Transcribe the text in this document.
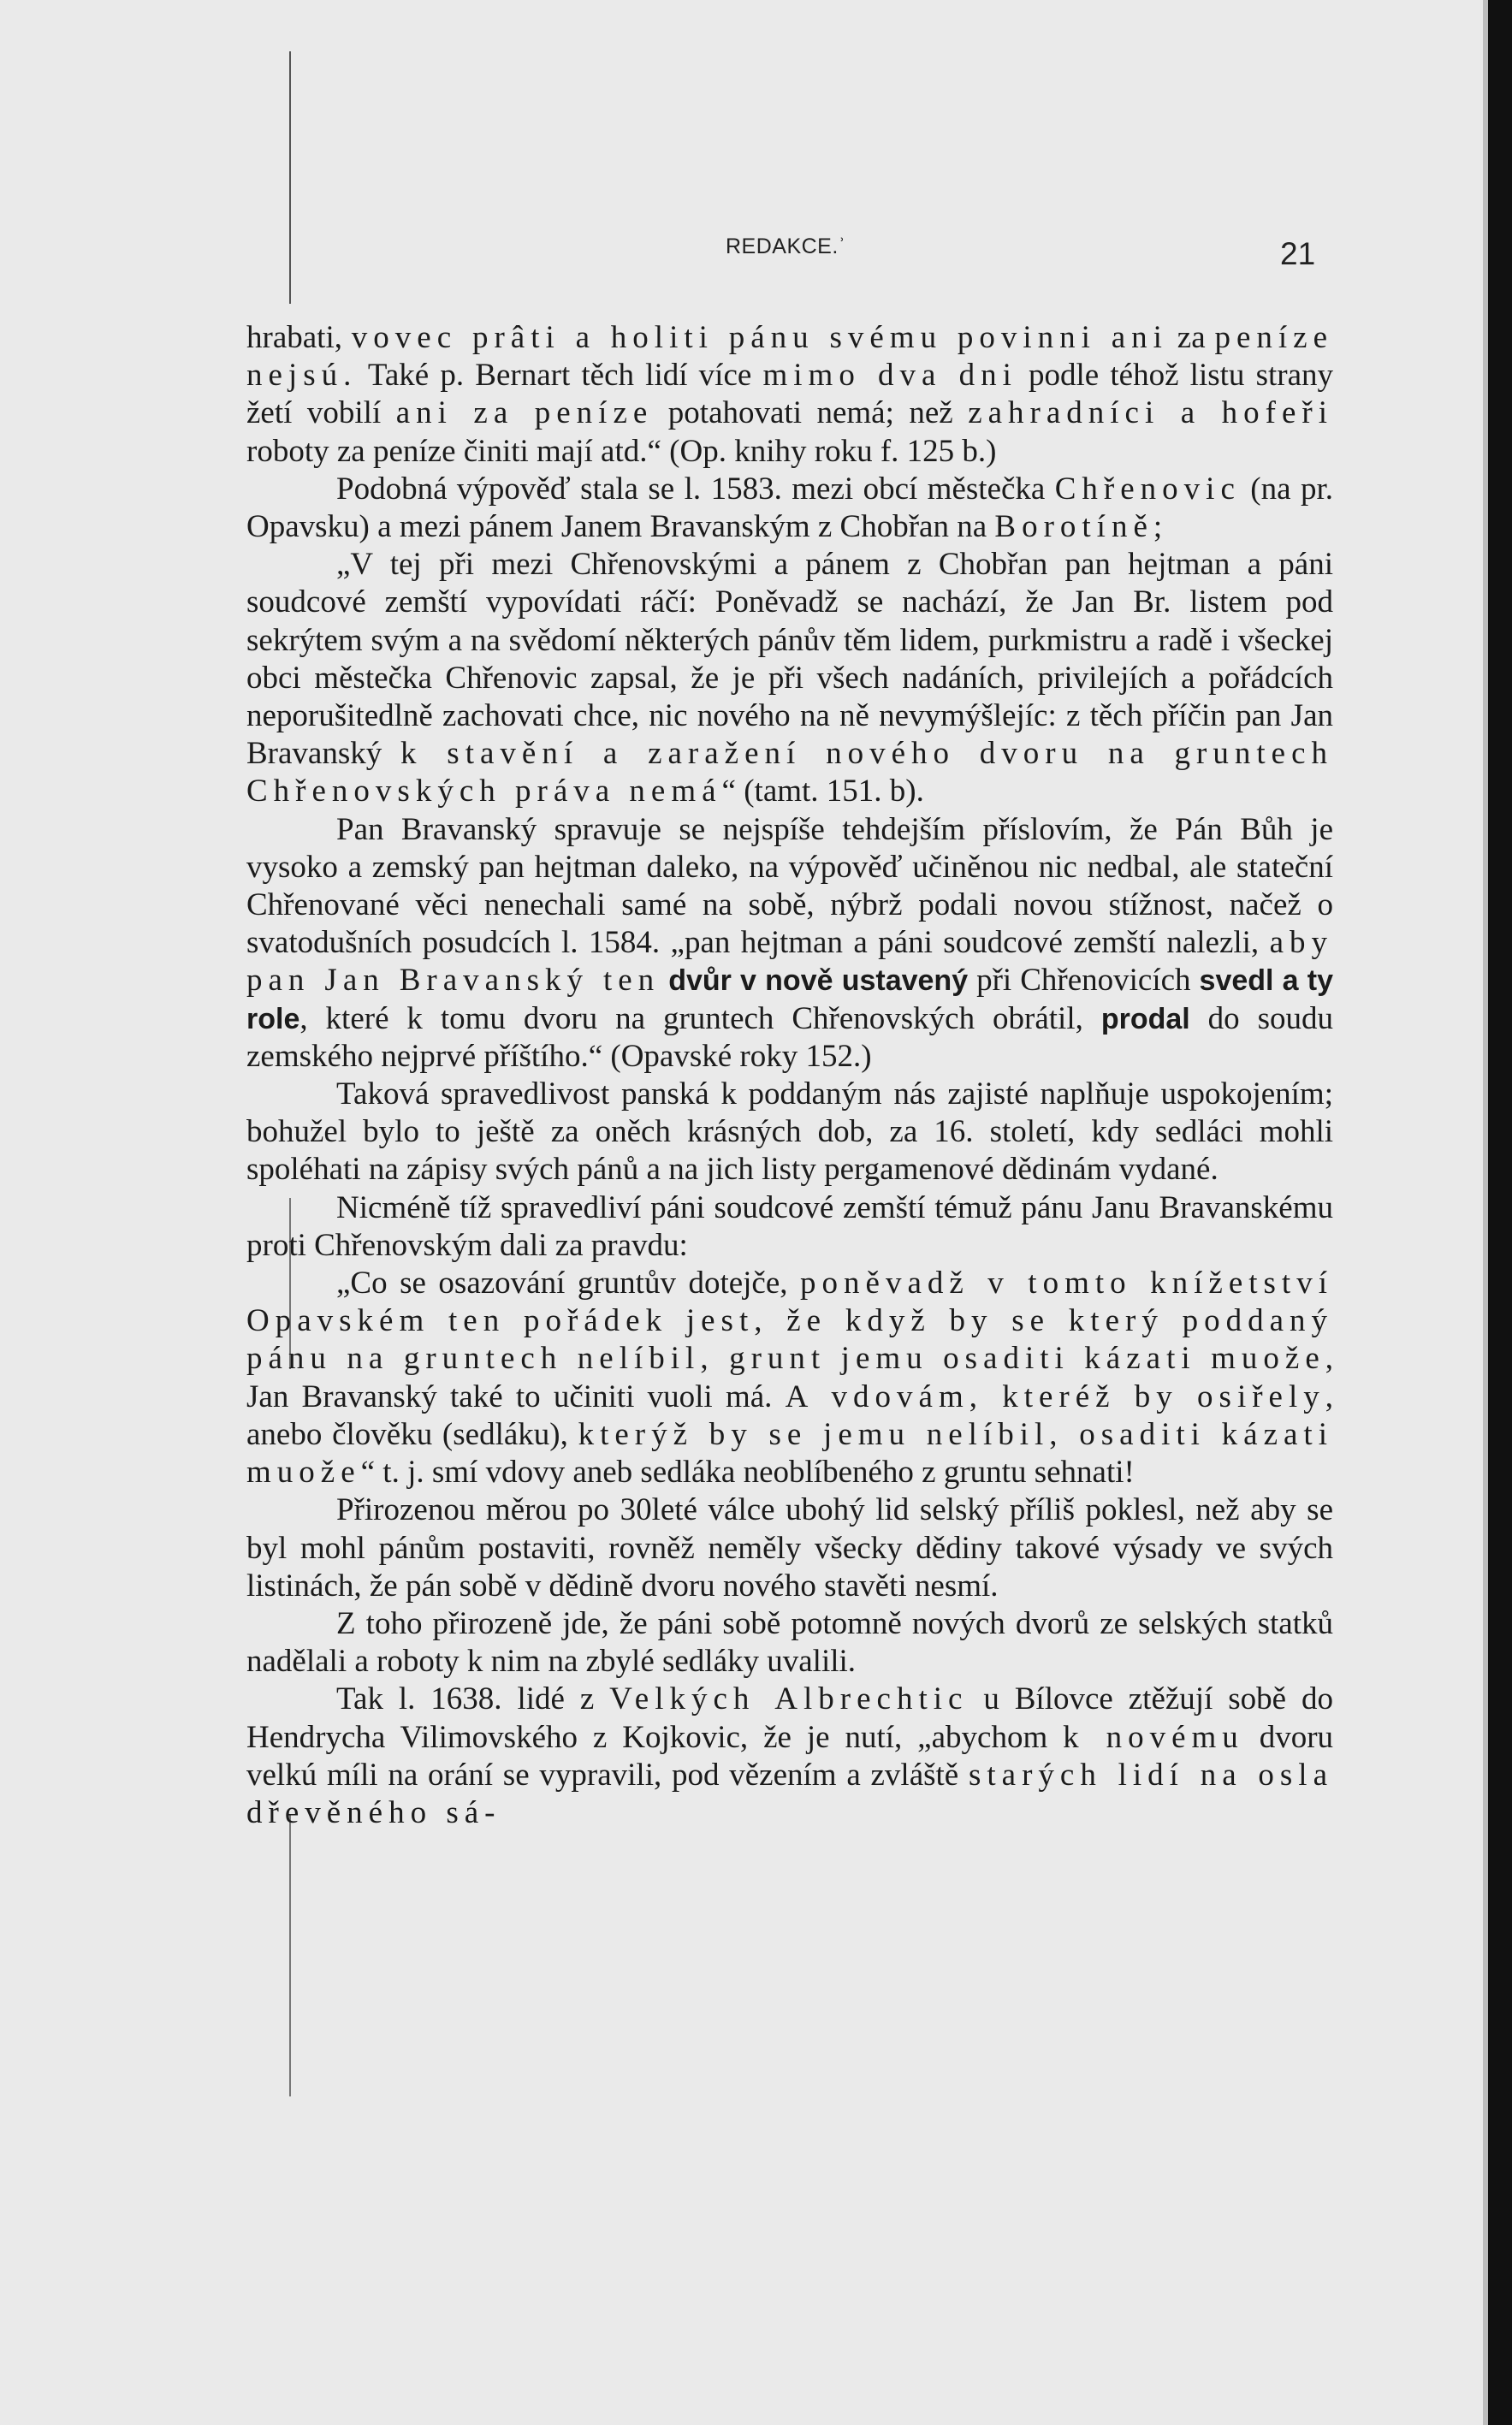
REDAKCE.ʾ	21

hrabati, vovec prâti a holiti pánu svému povinni ani za peníze nejsú. Také p. Bernart těch lidí více mimo dva dni podle téhož listu strany žetí vobilí ani za peníze potahovati nemá; než zahradníci a hofeři roboty za peníze činiti mají atd.“ (Op. knihy roku f. 125 b.)

Podobná výpověď stala se l. 1583. mezi obcí městečka Chřenovic (na pr. Opavsku) a mezi pánem Janem Bravanským z Chobřan na Borotíně;

„V tej při mezi Chřenovskými a pánem z Chobřan pan hejtman a páni soudcové zemští vypovídati ráčí: Poněvadž se nachází, že Jan Br. listem pod sekrýtem svým a na svědomí některých pánův těm lidem, purkmistru a radě i všeckej obci městečka Chřenovic zapsal, že je při všech nadáních, privilejích a pořádcích neporušitedlně zachovati chce, nic nového na ně nevymýšlejíc: z těch příčin pan Jan Bravanský k stavění a zaražení nového dvoru na gruntech Chřenovských práva nemá“ (tamt. 151. b).

Pan Bravanský spravuje se nejspíše tehdejším příslovím, že Pán Bůh je vysoko a zemský pan hejtman daleko, na výpověď učiněnou nic nedbal, ale stateční Chřenované věci nenechali samé na sobě, nýbrž podali novou stížnost, načež o svatodušních posudcích l. 1584. „pan hejtman a páni soudcové zemští nalezli, aby pan Jan Bravanský ten dvůr v nově ustavený při Chřenovicích svedl a ty role, které k tomu dvoru na gruntech Chřenovských obrátil, prodal do soudu zemského nejprvé příštího.“ (Opavské roky 152.)

Taková spravedlivost panská k poddaným nás zajisté naplňuje uspokojením; bohužel bylo to ještě za oněch krásných dob, za 16. století, kdy sedláci mohli spoléhati na zápisy svých pánů a na jich listy pergamenové dědinám vydané.

Nicméně tíž spravedliví páni soudcové zemští témuž pánu Janu Bravanskému proti Chřenovským dali za pravdu:

„Co se osazování gruntův dotejče, poněvadž v tomto knížetství Opavském ten pořádek jest, že když by se který poddaný pánu na gruntech nelíbil, grunt jemu osaditi kázati muože, Jan Bravanský také to učiniti vuoli má. A vdovám, kteréž by osiřely, anebo člověku (sedláku), kterýž by se jemu nelíbil, osaditi kázati muože“ t. j. smí vdovy aneb sedláka neoblíbeného z gruntu sehnati!

Přirozenou měrou po 30leté válce ubohý lid selský příliš poklesl, než aby se byl mohl pánům postaviti, rovněž neměly všecky dědiny takové výsady ve svých listinách, že pán sobě v dědině dvoru nového stavěti nesmí.

Z toho přirozeně jde, že páni sobě potomně nových dvorů ze selských statků nadělali a roboty k nim na zbylé sedláky uvalili.

Tak l. 1638. lidé z Velkých Albrechtic u Bílovce ztěžují sobě do Hendrycha Vilimovského z Kojkovic, že je nutí, „abychom k novému dvoru velkú míli na orání se vypravili, pod vězením a zvláště starých lidí na osla dřevěného sá-
